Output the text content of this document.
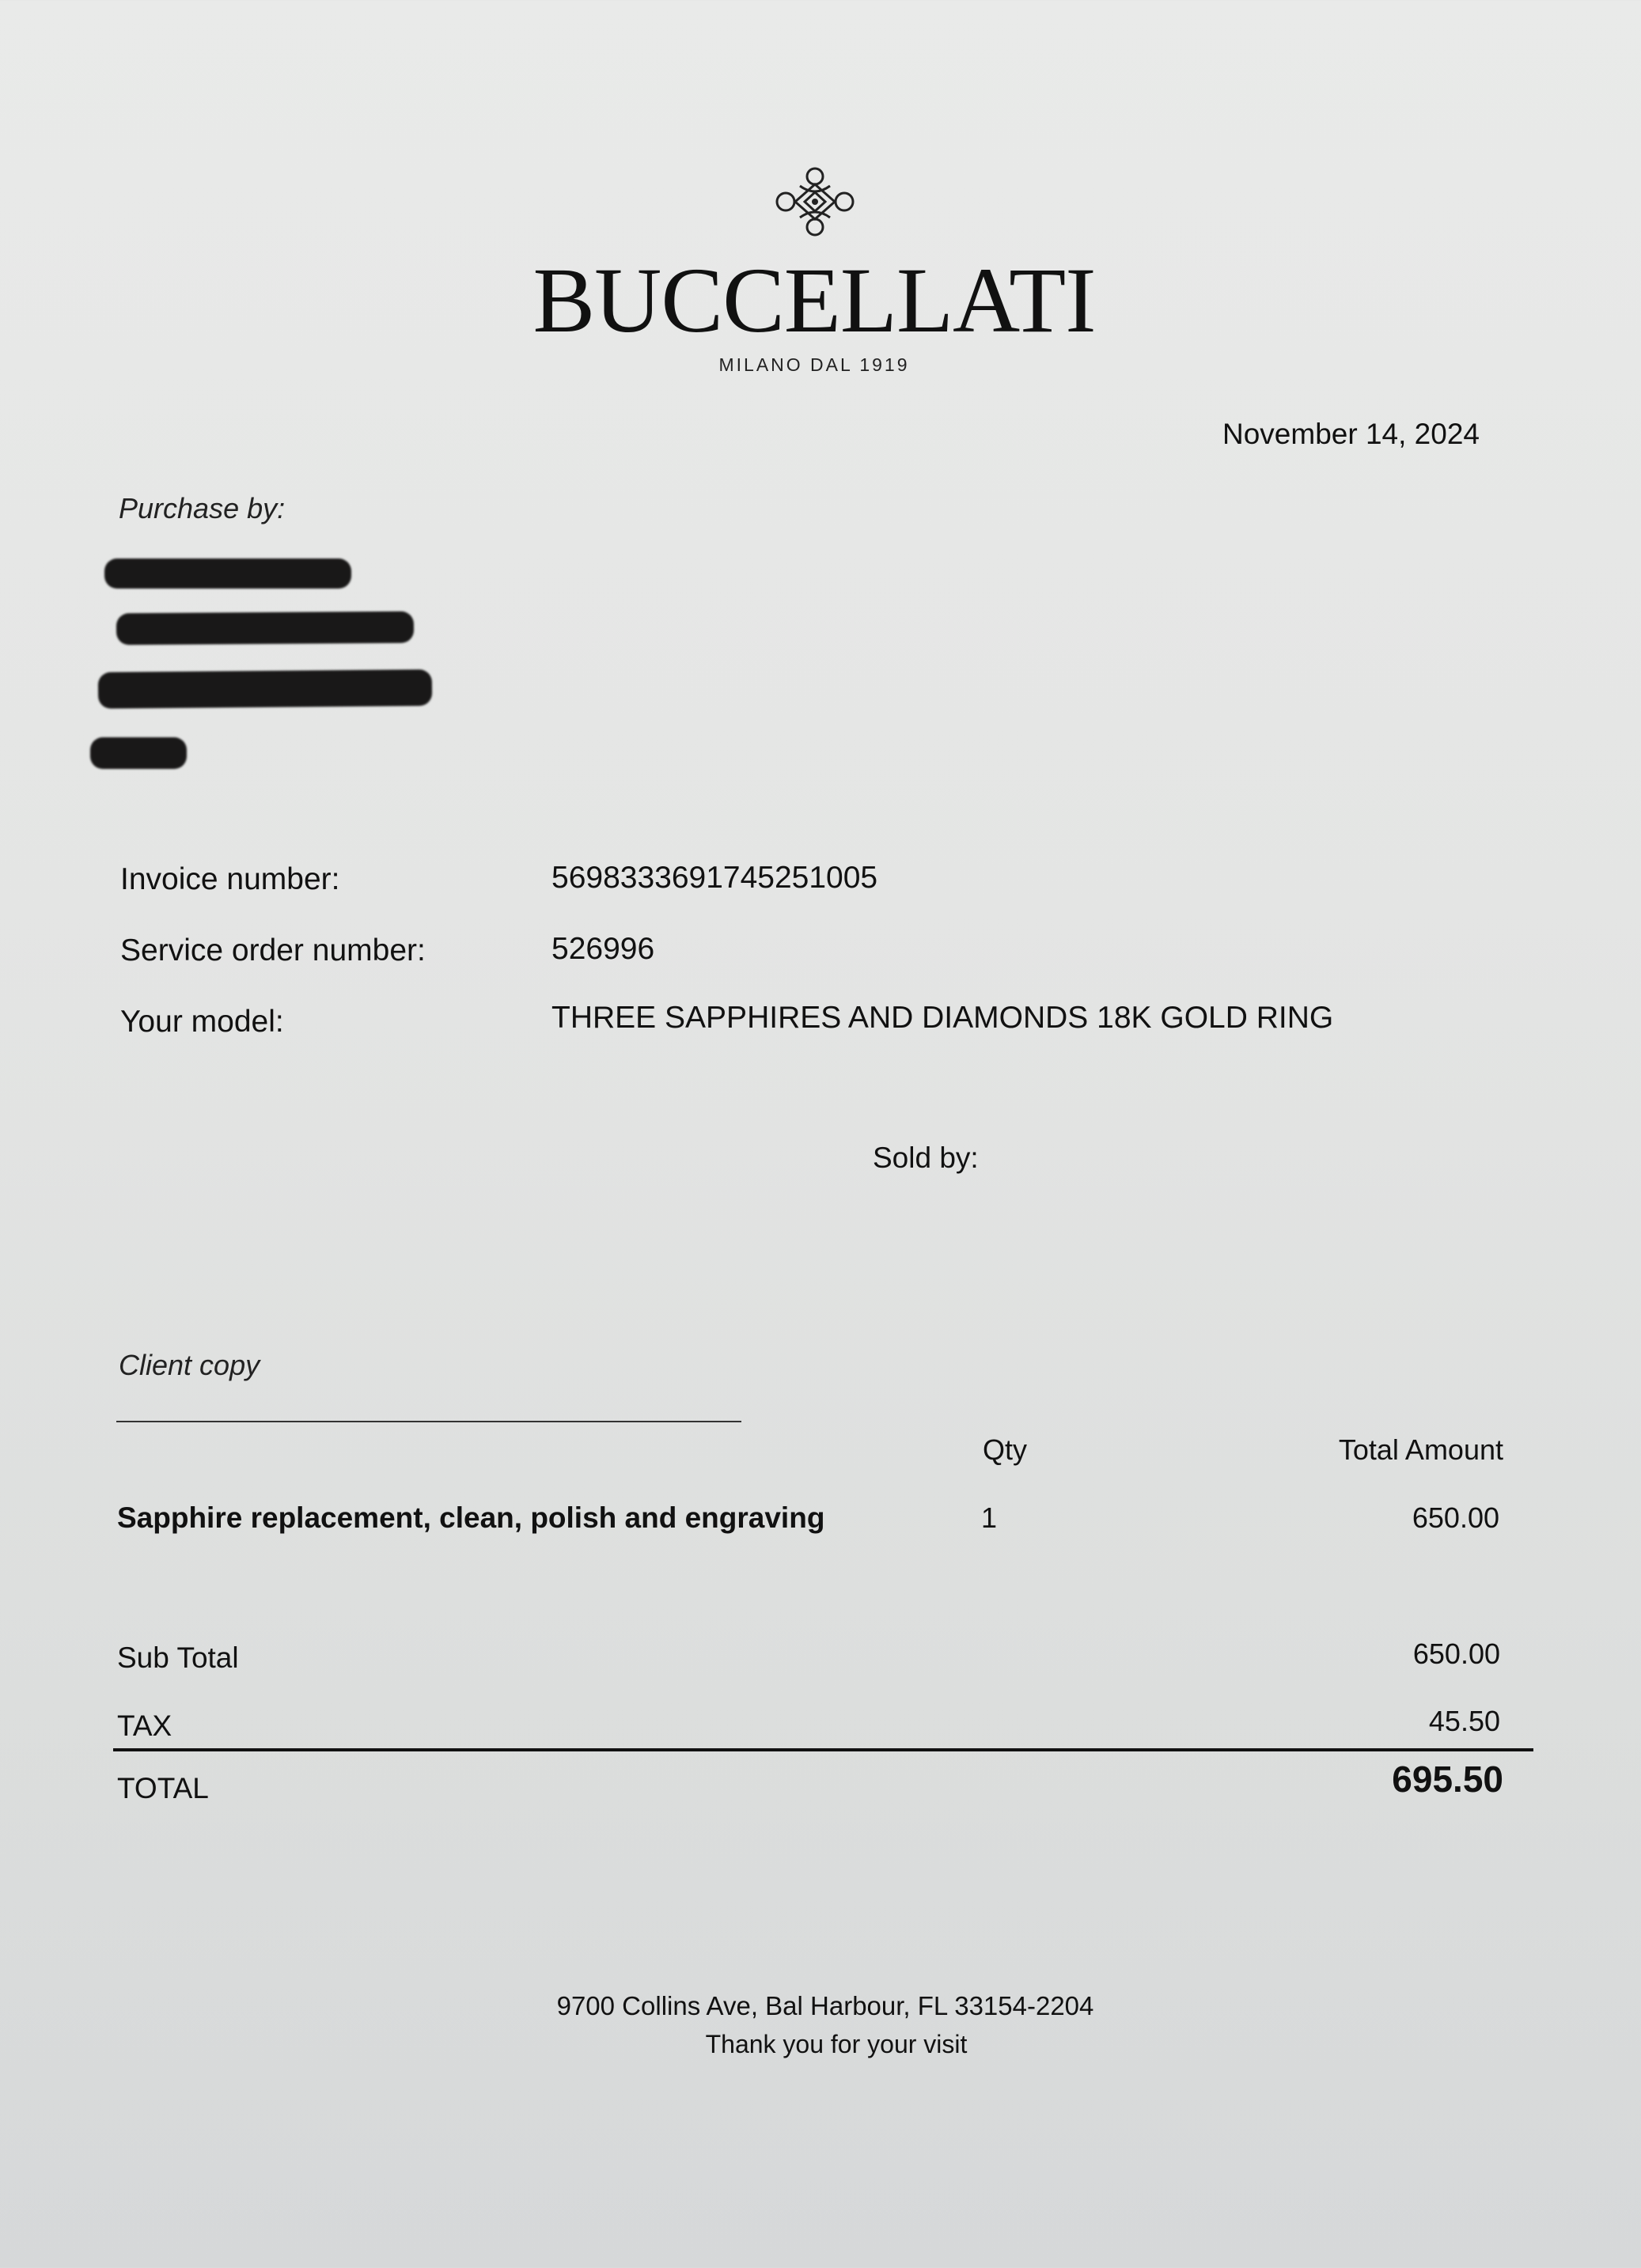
BUCCELLATI
MILANO DAL 1919
November 14, 2024
Purchase by:
Invoice number:	5698333691745251005
Service order number:	526996
Your model:	THREE SAPPHIRES AND DIAMONDS 18K GOLD RING
Sold by:
Client copy
Qty	Total Amount
Sapphire replacement, clean, polish and engraving	1	650.00
Sub Total	650.00
TAX	45.50
TOTAL	695.50
9700 Collins Ave, Bal Harbour, FL 33154-2204
Thank you for your visit
